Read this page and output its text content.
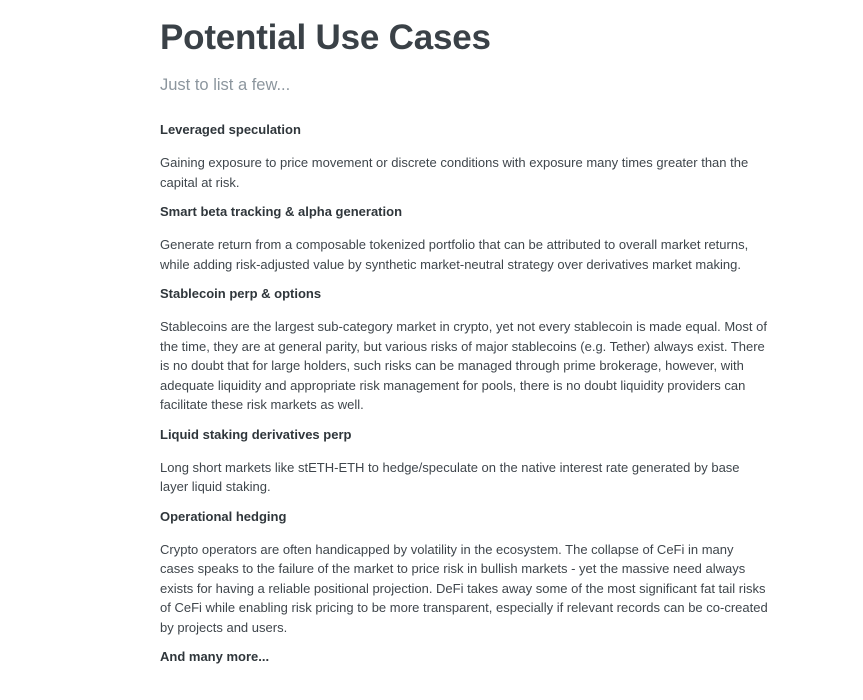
Potential Use Cases

Just to list a few...

Leveraged speculation

Gaining exposure to price movement or discrete conditions with exposure many times greater than the capital at risk.

Smart beta tracking & alpha generation

Generate return from a composable tokenized portfolio that can be attributed to overall market returns, while adding risk-adjusted value by synthetic market-neutral strategy over derivatives market making.

Stablecoin perp & options

Stablecoins are the largest sub-category market in crypto, yet not every stablecoin is made equal. Most of the time, they are at general parity, but various risks of major stablecoins (e.g. Tether) always exist. There is no doubt that for large holders, such risks can be managed through prime brokerage, however, with adequate liquidity and appropriate risk management for pools, there is no doubt liquidity providers can facilitate these risk markets as well.

Liquid staking derivatives perp

Long short markets like stETH-ETH to hedge/speculate on the native interest rate generated by base layer liquid staking.

Operational hedging

Crypto operators are often handicapped by volatility in the ecosystem. The collapse of CeFi in many cases speaks to the failure of the market to price risk in bullish markets - yet the massive need always exists for having a reliable positional projection. DeFi takes away some of the most significant fat tail risks of CeFi while enabling risk pricing to be more transparent, especially if relevant records can be co-created by projects and users.

And many more...
